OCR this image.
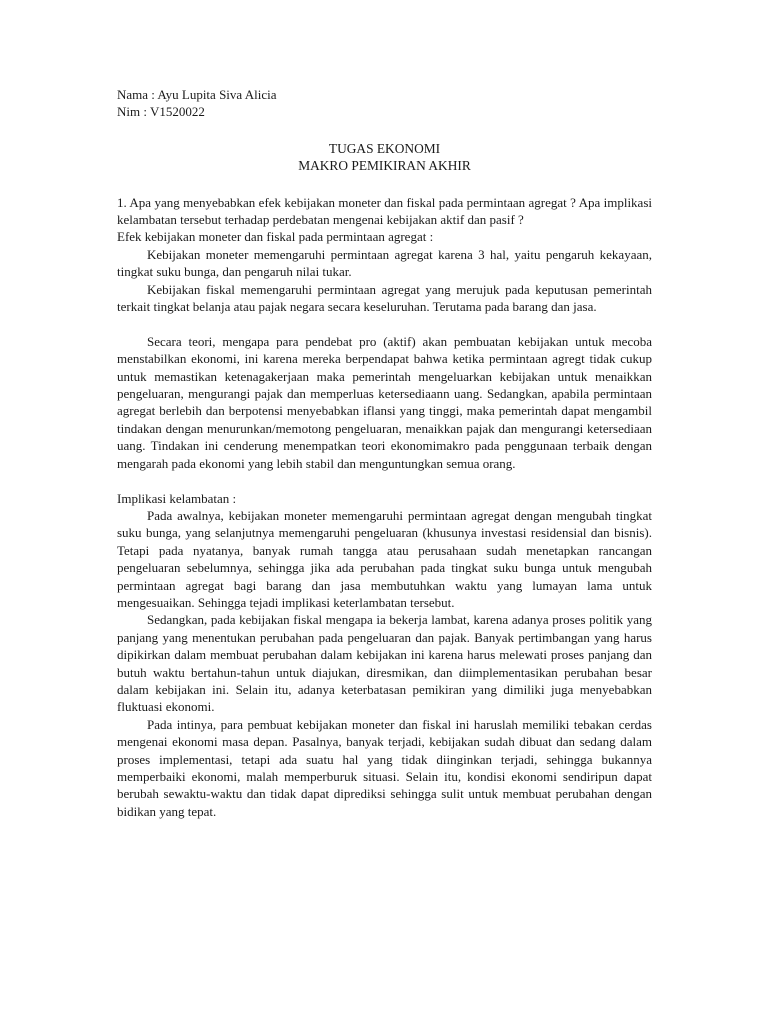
Nama : Ayu Lupita Siva Alicia
Nim : V1520022
TUGAS EKONOMI
MAKRO PEMIKIRAN AKHIR

1. Apa yang menyebabkan efek kebijakan moneter dan fiskal pada permintaan agregat ? Apa implikasi kelambatan tersebut terhadap perdebatan mengenai kebijakan aktif dan pasif ?

Efek kebijakan moneter dan fiskal pada permintaan agregat :

Kebijakan moneter memengaruhi permintaan agregat karena 3 hal, yaitu pengaruh kekayaan, tingkat suku bunga, dan pengaruh nilai tukar.

Kebijakan fiskal memengaruhi permintaan agregat yang merujuk pada keputusan pemerintah terkait tingkat belanja atau pajak negara secara keseluruhan. Terutama pada barang dan jasa.

Secara teori, mengapa para pendebat pro (aktif) akan pembuatan kebijakan untuk mecoba menstabilkan ekonomi, ini karena mereka berpendapat bahwa ketika permintaan agregt tidak cukup untuk memastikan ketenagakerjaan maka pemerintah mengeluarkan kebijakan untuk menaikkan pengeluaran, mengurangi pajak dan memperluas ketersediaann uang. Sedangkan, apabila permintaan agregat berlebih dan berpotensi menyebabkan iflansi yang tinggi, maka pemerintah dapat mengambil tindakan dengan menurunkan/memotong pengeluaran, menaikkan pajak dan mengurangi ketersediaan uang. Tindakan ini cenderung menempatkan teori ekonomimakro pada penggunaan terbaik dengan mengarah pada ekonomi yang lebih stabil dan menguntungkan semua orang.

Implikasi kelambatan :

Pada awalnya, kebijakan moneter memengaruhi permintaan agregat dengan mengubah tingkat suku bunga, yang selanjutnya memengaruhi pengeluaran (khusunya investasi residensial dan bisnis). Tetapi pada nyatanya, banyak rumah tangga atau perusahaan sudah menetapkan rancangan pengeluaran sebelumnya, sehingga jika ada perubahan pada tingkat suku bunga untuk mengubah permintaan agregat bagi barang dan jasa membutuhkan waktu yang lumayan lama untuk mengesuaikan. Sehingga tejadi implikasi keterlambatan tersebut.

Sedangkan, pada kebijakan fiskal mengapa ia bekerja lambat, karena adanya proses politik yang panjang yang menentukan perubahan pada pengeluaran dan pajak. Banyak pertimbangan yang harus dipikirkan dalam membuat perubahan dalam kebijakan ini karena harus melewati proses panjang dan butuh waktu bertahun-tahun untuk diajukan, diresmikan, dan diimplementasikan perubahan besar dalam kebijakan ini. Selain itu, adanya keterbatasan pemikiran yang dimiliki juga menyebabkan fluktuasi ekonomi.

Pada intinya, para pembuat kebijakan moneter dan fiskal ini haruslah memiliki tebakan cerdas mengenai ekonomi masa depan. Pasalnya, banyak terjadi, kebijakan sudah dibuat dan sedang dalam proses implementasi, tetapi ada suatu hal yang tidak diinginkan terjadi, sehingga bukannya memperbaiki ekonomi, malah memperburuk situasi. Selain itu, kondisi ekonomi sendiripun dapat berubah sewaktu-waktu dan tidak dapat diprediksi sehingga sulit untuk membuat perubahan dengan bidikan yang tepat.
